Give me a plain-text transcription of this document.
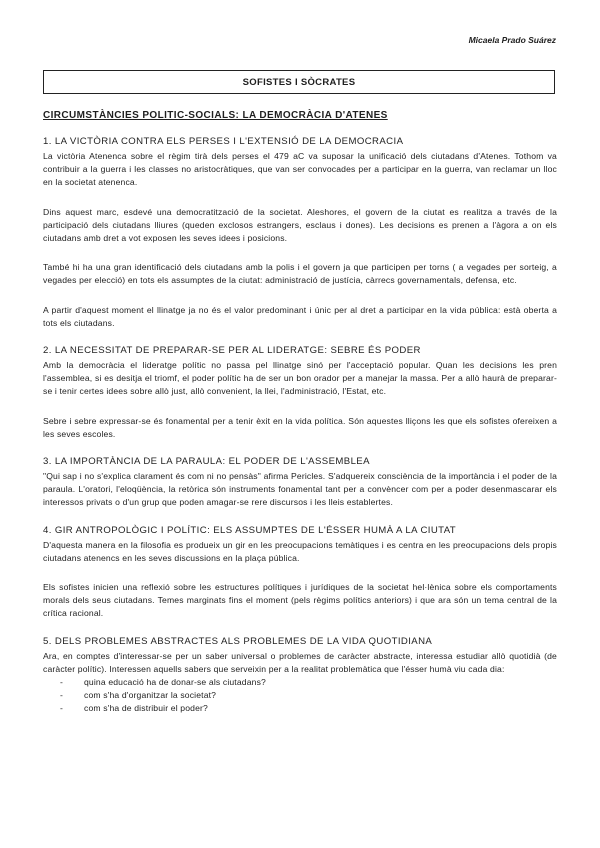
Micaela Prado Suárez
SOFISTES I SÒCRATES
CIRCUMSTÀNCIES POLITIC-SOCIALS: LA DEMOCRÀCIA D'ATENES
1. LA VICTÒRIA CONTRA ELS PERSES I L'EXTENSIÓ DE LA DEMOCRACIA

La victòria Atenenca sobre el règim tirà dels perses el 479 aC va suposar la unificació dels ciutadans d'Atenes. Tothom va contribuir a la guerra i les classes no aristocràtiques, que van ser convocades per a participar en la guerra, van reclamar un lloc en la societat atenenca.

Dins aquest marc, esdevé una democratització de la societat. Aleshores, el govern de la ciutat es realitza a través de la participació dels ciutadans lliures (queden exclosos estrangers, esclaus i dones). Les decisions es prenen a l'àgora a on els ciutadans amb dret a vot exposen les seves idees i posicions.

També hi ha una gran identificació dels ciutadans amb la polis i el govern ja que participen per torns ( a vegades per sorteig, a vegades per elecció) en tots els assumptes de la ciutat: administració de justícia, càrrecs governamentals, defensa, etc.

A partir d'aquest moment el llinatge ja no és el valor predominant i únic per al dret a participar en la vida pública: està oberta a tots els ciutadans.

2. LA NECESSITAT DE PREPARAR-SE PER AL LIDERATGE: SEBRE ÉS PODER

Amb la democràcia el lideratge polític no passa pel llinatge sinó per l'acceptació popular. Quan les decisions les pren l'assemblea, si es desitja el triomf, el poder polític ha de ser un bon orador per a manejar la massa. Per a allò haurà de preparar-se i tenir certes idees sobre allò just, allò convenient, la llei, l'administració, l'Estat, etc.

Sebre i sebre expressar-se és fonamental per a tenir èxit en la vida política. Són aquestes lliçons les que els sofistes ofereixen a les seves escoles.

3. LA IMPORTÀNCIA DE LA PARAULA: EL PODER DE L'ASSEMBLEA

"Qui sap i no s'explica clarament és com ni no pensàs" afirma Pericles. S'adquereix consciència de la importància i el poder de la paraula. L'oratori, l'eloqüència, la retòrica són instruments fonamental tant per a convèncer com per a poder desenmascarar els interessos privats o d'un grup que poden amagar-se rere discursos i les lleis establertes.

4. GIR ANTROPOLÒGIC I POLÍTIC: ELS ASSUMPTES DE L'ÉSSER HUMÀ A LA CIUTAT

D'aquesta manera en la filosofia es produeix un gir en les preocupacions temàtiques i es centra en les preocupacions dels propis ciutadans atenencs en les seves discussions en la plaça pública.

Els sofistes inicien una reflexió sobre les estructures polítiques i jurídiques de la societat hel·lènica sobre els comportaments morals dels seus ciutadans. Temes marginats fins el moment (pels règims polítics anteriors) i que ara són un tema central de la crítica racional.

5. DELS PROBLEMES ABSTRACTES ALS PROBLEMES DE LA VIDA QUOTIDIANA

Ara, en comptes d'interessar-se per un saber universal o problemes de caràcter abstracte, interessa estudiar allò quotidià (de caràcter polític). Interessen aquells sabers que serveixin per a la realitat problemàtica que l'ésser humà viu cada dia:

- quina educació ha de donar-se als ciutadans?
- com s'ha d'organitzar la societat?
- com s'ha de distribuir el poder?
